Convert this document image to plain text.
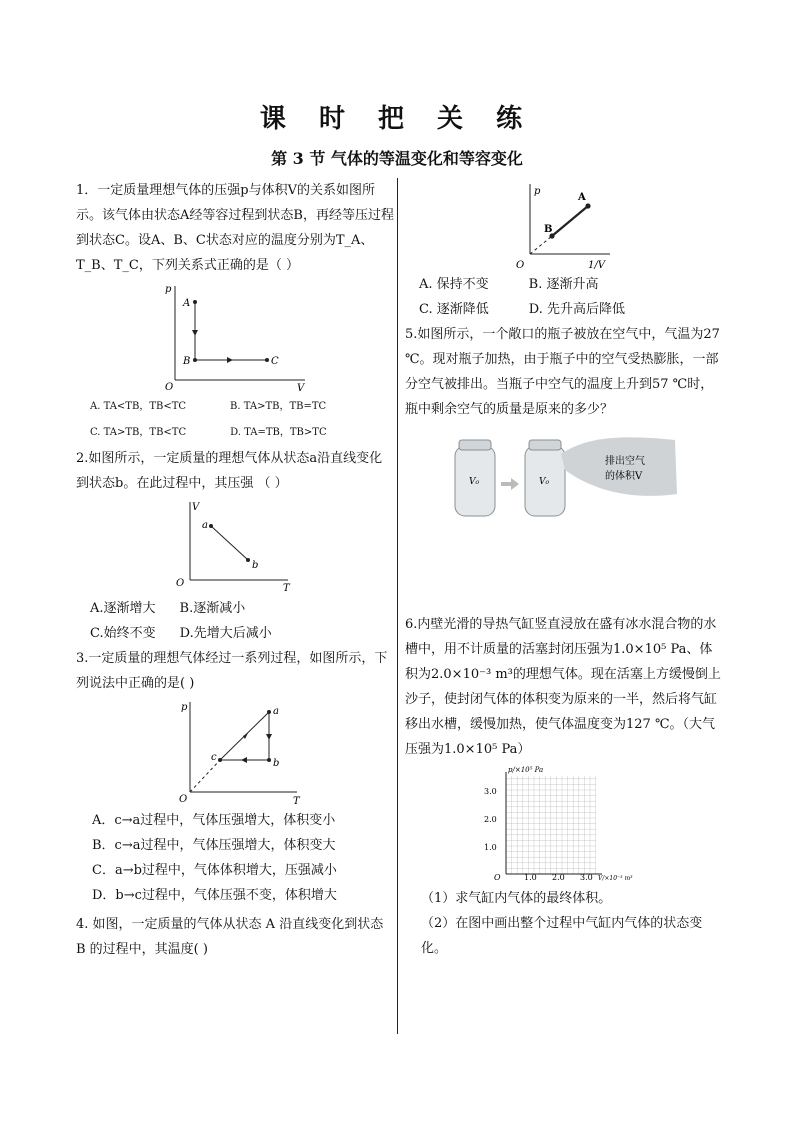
课 时 把 关 练
第 3 节 气体的等温变化和等容变化

1．一定质量理想气体的压强p与体积V的关系如图所示。该气体由状态A经等容过程到状态B，再经等压过程到状态C。设A、B、C状态对应的温度分别为T_A、T_B、T_C，下列关系式正确的是（ ）

p
V
O
A
B	C
A. TA<TB，TB<TC	B. TA>TB，TB=TC
C. TA>TB，TB<TC	D. TA=TB，TB>TC

2.如图所示，一定质量的理想气体从状态a沿直线变化到状态b。在此过程中，其压强 （ ）

V
T
O
a
b
A.逐渐增大 B.逐渐减小
C.始终不变 D.先增大后减小

3.一定质量的理想气体经过一系列过程，如图所示，下列说法中正确的是( )

p
T
O
a
b
c

A．c→a过程中，气体压强增大，体积变小

B．c→a过程中，气体压强增大，体积变大

C．a→b过程中，气体体积增大，压强减小

D．b→c过程中，气体压强不变，体积增大

4. 如图，一定质量的气体从状态 A 沿直线变化到状态 B 的过程中，其温度( )

p
1/V
O
A
B
A. 保持不变	B. 逐渐升高
C. 逐渐降低	D. 先升高后降低

5.如图所示，一个敞口的瓶子被放在空气中，气温为27 ℃。现对瓶子加热，由于瓶子中的空气受热膨胀，一部分空气被排出。当瓶子中空气的温度上升到57 ℃时，瓶中剩余空气的质量是原来的多少？

V₀	V₀
排出空气
的体积V

6.内壁光滑的导热气缸竖直浸放在盛有冰水混合物的水槽中，用不计质量的活塞封闭压强为1.0×10⁵ Pa、体积为2.0×10⁻³ m³的理想气体。现在活塞上方缓慢倒上沙子，使封闭气体的体积变为原来的一半，然后将气缸移出水槽，缓慢加热，使气体温度变为127 ℃。（大气压强为1.0×10⁵ Pa）

p/×10⁵ Pa
V/×10⁻³ m³
O
1.0
2.0
3.0
1.0 2.0 3.0

（1）求气缸内气体的最终体积。

（2）在图中画出整个过程中气缸内气体的状态变化。
